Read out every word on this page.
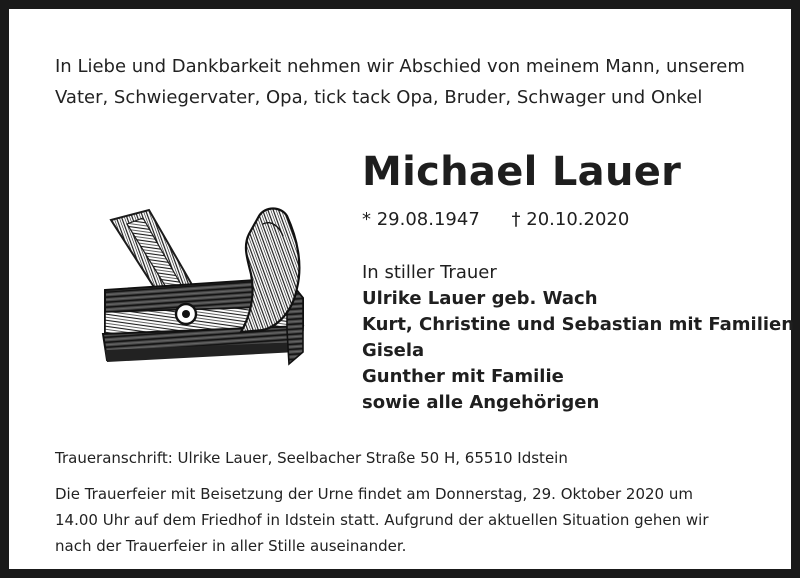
In Liebe und Dankbarkeit nehmen wir Abschied von meinem Mann, unserem
Vater, Schwiegervater, Opa, tick tack Opa, Bruder, Schwager und Onkel
Michael Lauer
* 29.08.1947 † 20.10.2020
In stiller Trauer
Ulrike Lauer geb. Wach
Kurt, Christine und Sebastian mit Familien
Gisela
Gunther mit Familie
sowie alle Angehörigen
Traueranschrift: Ulrike Lauer, Seelbacher Straße 50 H, 65510 Idstein
Die Trauerfeier mit Beisetzung der Urne findet am Donnerstag, 29. Oktober 2020 um
14.00 Uhr auf dem Friedhof in Idstein statt. Aufgrund der aktuellen Situation gehen wir
nach der Trauerfeier in aller Stille auseinander.
